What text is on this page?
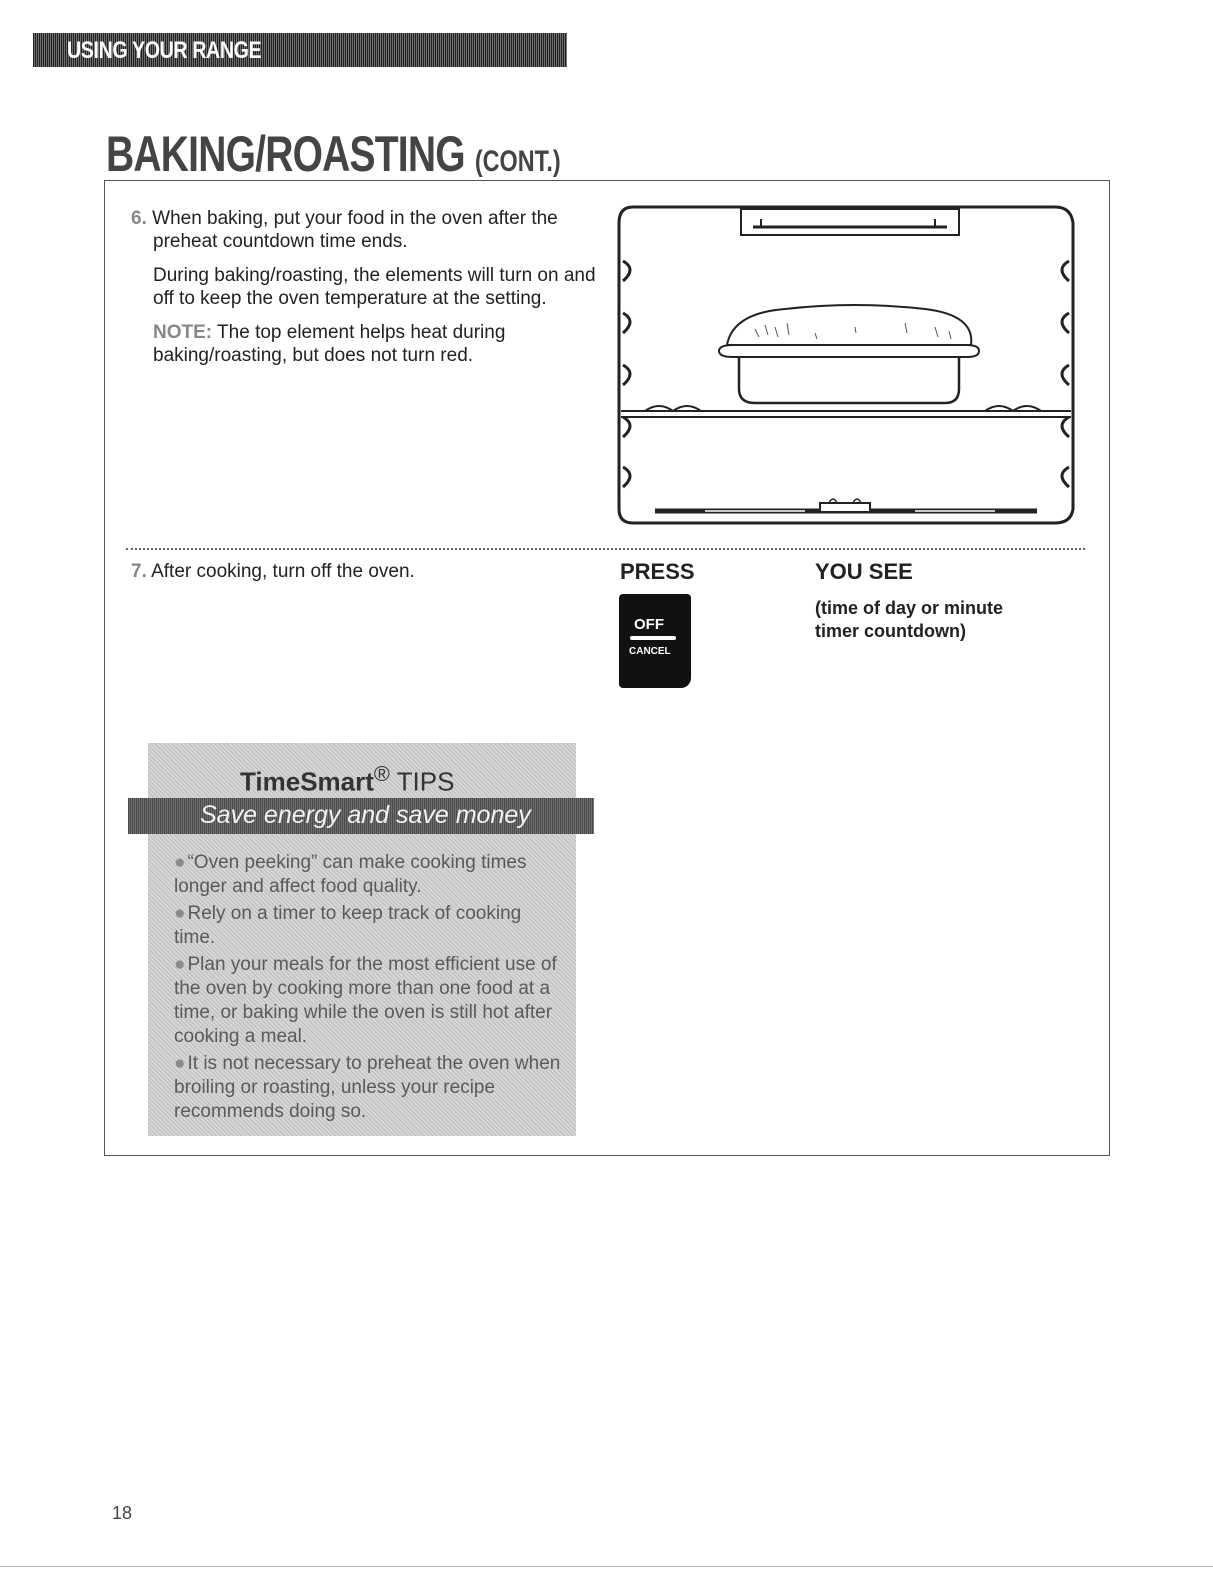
USING YOUR RANGE
BAKING/ROASTING (CONT.)

6. When baking, put your food in the oven after the preheat countdown time ends.

During baking/roasting, the elements will turn on and off to keep the oven temperature at the setting.

NOTE: The top element helps heat during baking/roasting, but does not turn red.

7. After cooking, turn off the oven.	PRESS	YOU SEE
OFF
CANCEL
(time of day or minute timer countdown)
TimeSmart® TIPS
● “Oven peeking” can make cooking times longer and affect food quality.
● Rely on a timer to keep track of cooking time.
● Plan your meals for the most efficient use of the oven by cooking more than one food at a time, or baking while the oven is still hot after cooking a meal.
● It is not necessary to preheat the oven when broiling or roasting, unless your recipe recommends doing so.
Save energy and save money
18
